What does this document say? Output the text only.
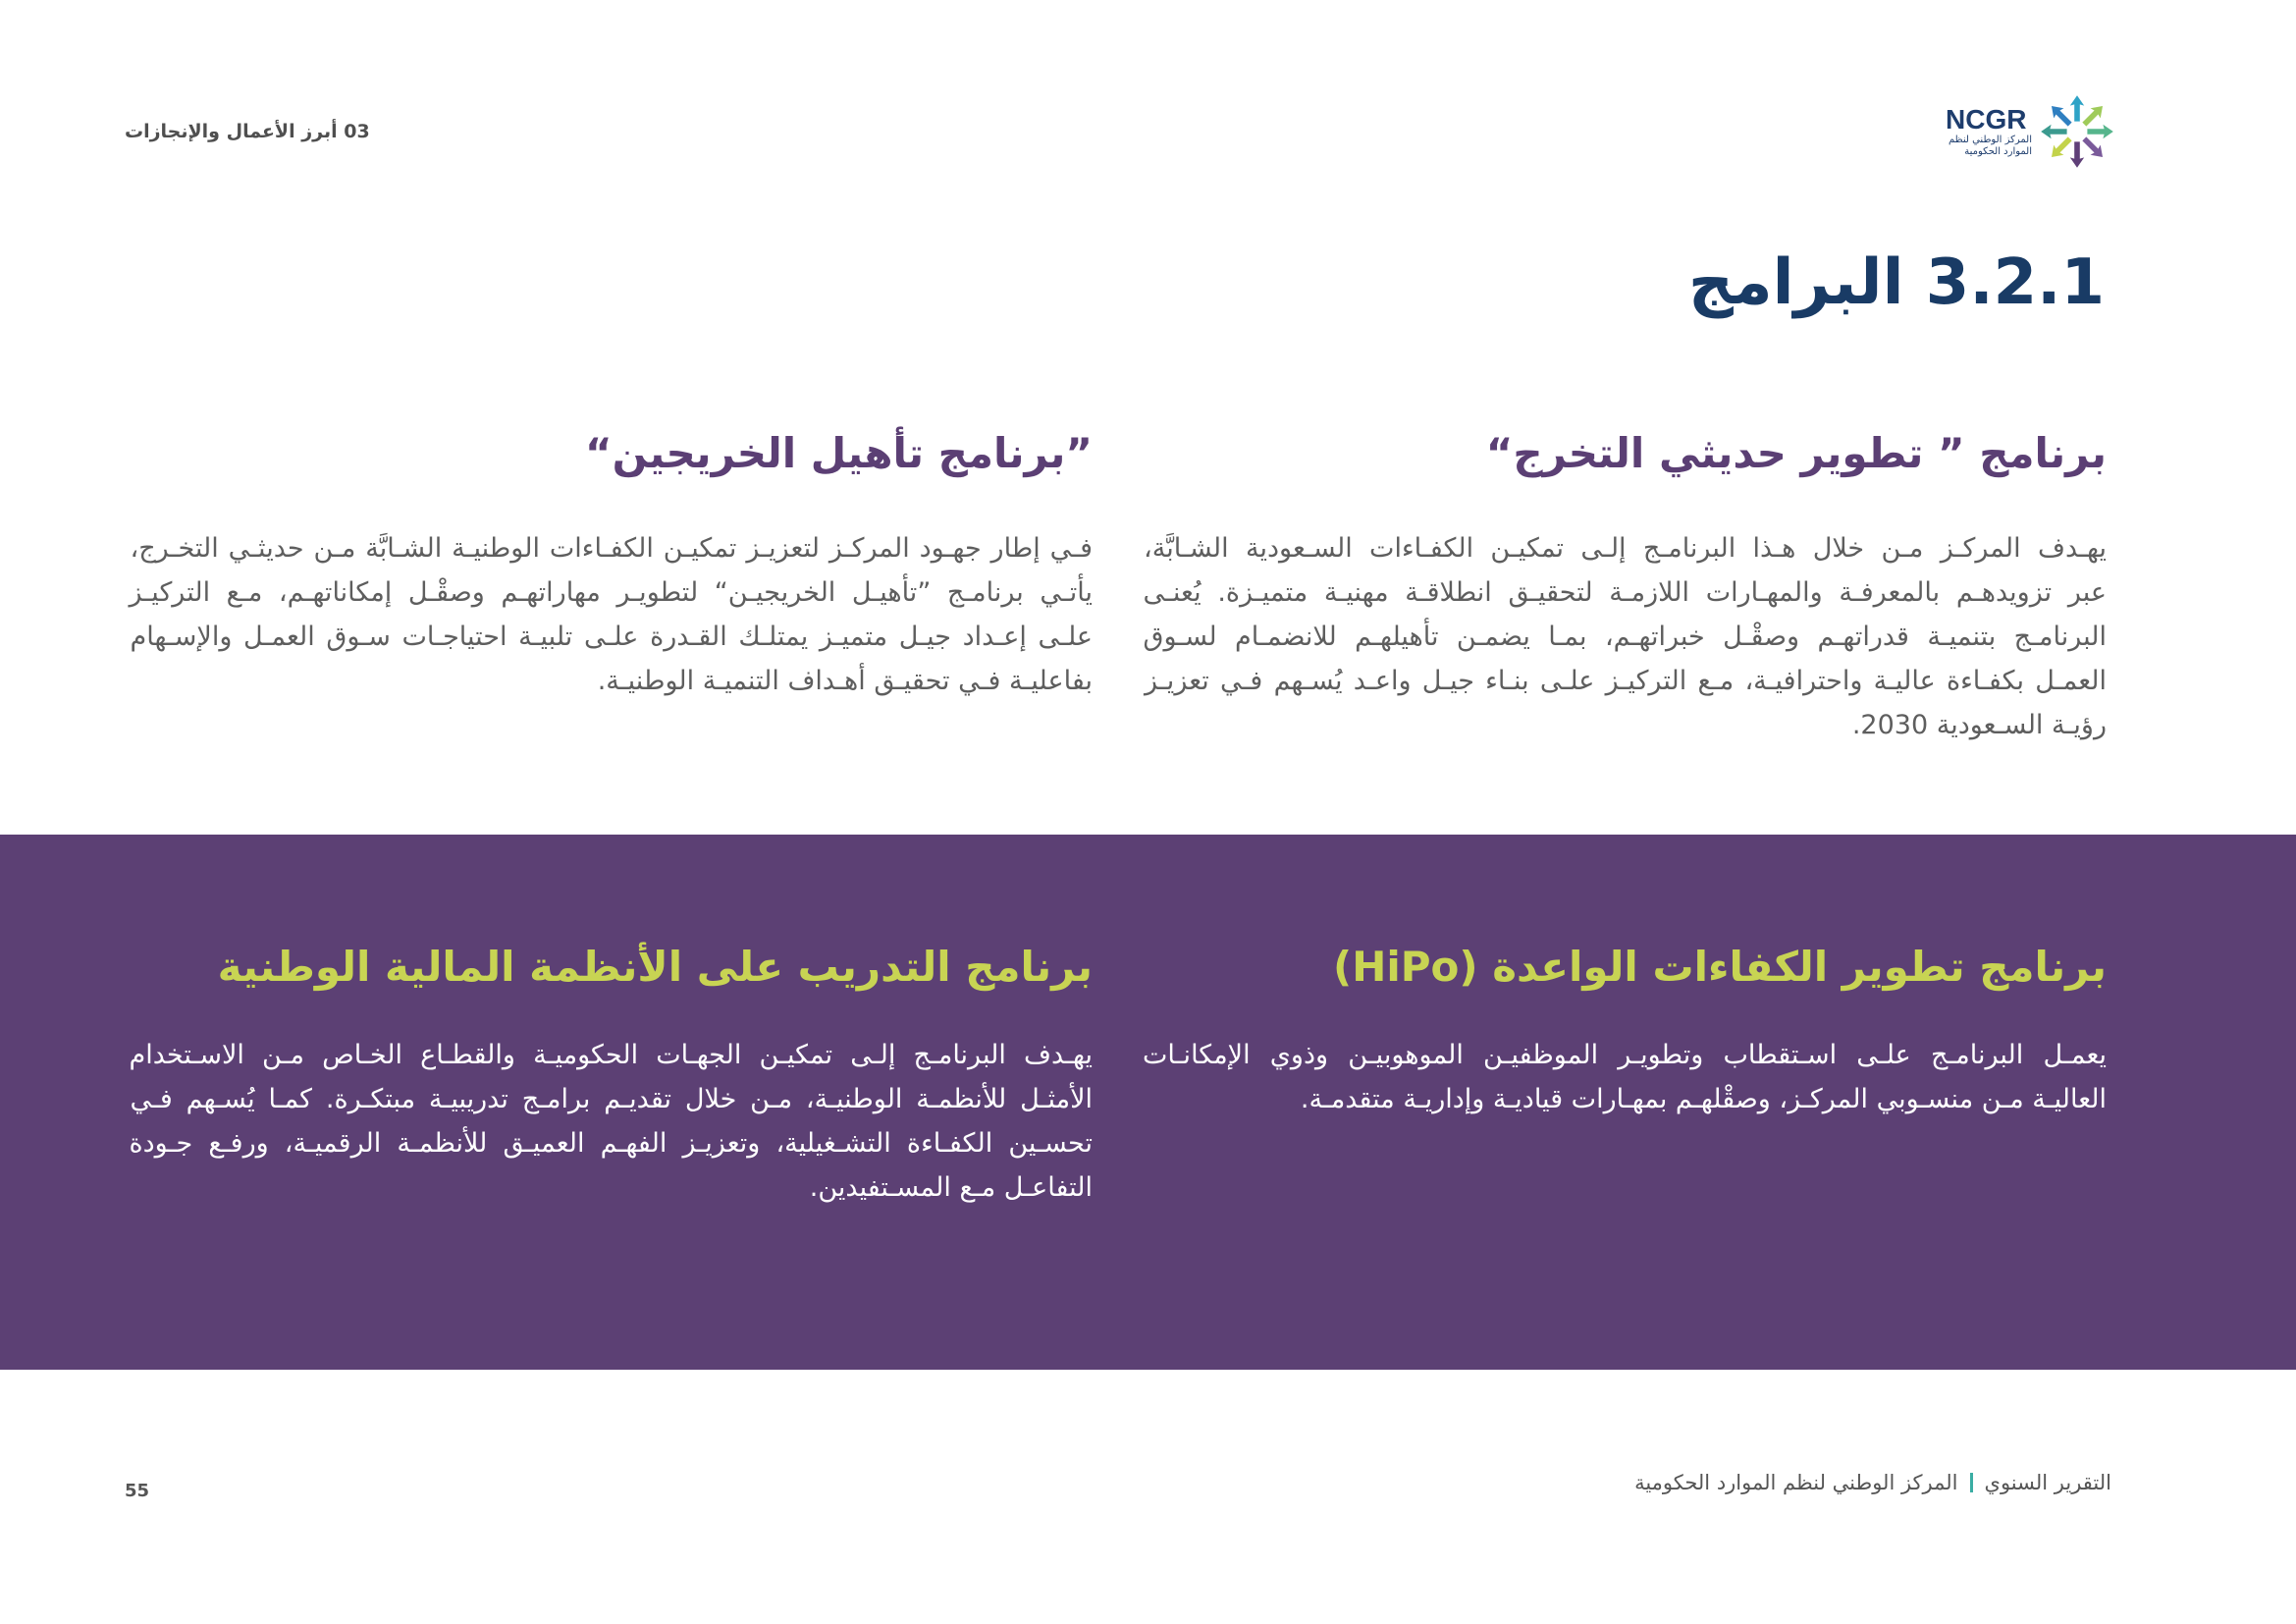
03 أبرز الأعمال والإنجازات	NCGR
المركز الوطني لنظم
الموارد الحكومية
3.2.1 البرامج
برنامج ” تطوير حديثي التخرج“
يهـدف المركـز مـن خلال هـذا البرنامـج إلـى تمكيـن الكفـاءات السـعودية الشـابَّة،
عبر تزويدهـم بالمعرفـة والمهـارات اللازمـة لتحقيـق انطلاقـة مهنيـة متميـزة. يُعنـى
البرنامـج بتنميـة قدراتهـم وصقْـل خبراتهـم، بمـا يضمـن تأهيلهـم للانضمـام لسـوق
العمـل بكفـاءة عاليـة واحترافيـة، مـع التركيـز علـى بنـاء جيـل واعـد يُسـهم فـي تعزيـز
رؤيـة السـعودية 2030.
”برنامج تأهيل الخريجين“
فـي إطار جهـود المركـز لتعزيـز تمكيـن الكفـاءات الوطنيـة الشـابَّة مـن حديثـي التخـرج،
يأتـي برنامـج ”تأهيـل الخريجيـن“ لتطويـر مهاراتهـم وصقْـل إمكاناتهـم، مـع التركيـز
علـى إعـداد جيـل متميـز يمتلـك القـدرة علـى تلبيـة احتياجـات سـوق العمـل والإسـهام
بفاعليـة فـي تحقيـق أهـداف التنميـة الوطنيـة.
برنامج تطوير الكفاءات الواعدة (HiPo)
يعمـل البرنامـج علـى اسـتقطاب وتطويـر الموظفيـن الموهوبيـن وذوي الإمكانـات
العاليـة مـن منسـوبي المركـز، وصقْلهـم بمهـارات قياديـة وإداريـة متقدمـة.
برنامج التدريب على الأنظمة المالية الوطنية
يهـدف البرنامـج إلـى تمكيـن الجهـات الحكوميـة والقطـاع الخـاص مـن الاسـتخدام
الأمثـل للأنظمـة الوطنيـة، مـن خلال تقديـم برامـج تدريبيـة مبتكـرة. كمـا يُسـهم فـي
تحسـين الكفـاءة التشـغيلية، وتعزيـز الفهـم العميـق للأنظمـة الرقميـة، ورفـع جـودة
التفاعـل مـع المسـتفيدين.
التقرير السنوي
المركز الوطني لنظم الموارد الحكومية
55
